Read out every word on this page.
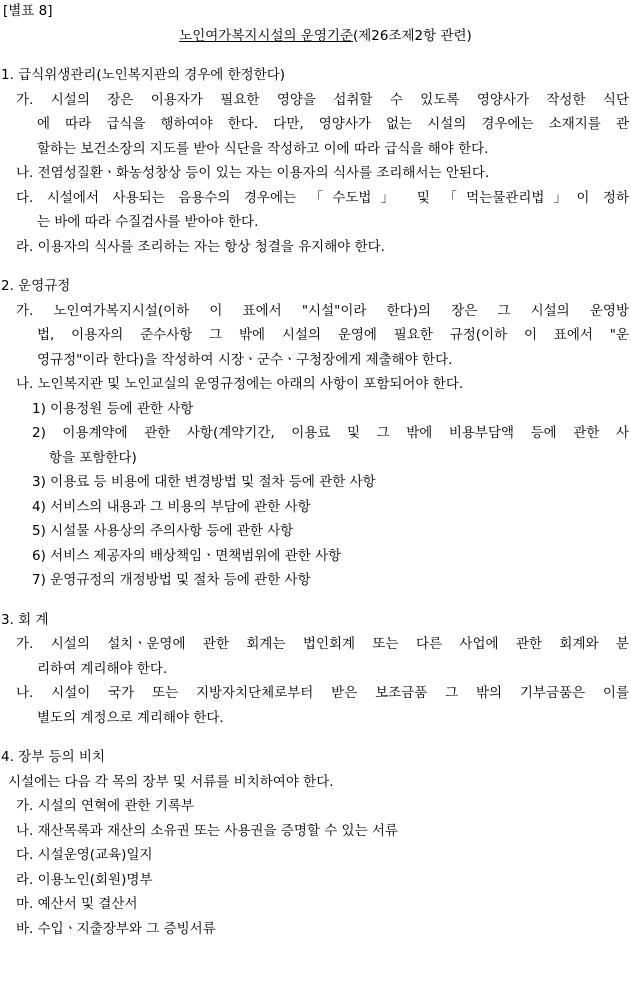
[별표 8]
노인여가복지시설의 운영기준(제26조제2항 관련)
1. 급식위생관리(노인복지관의 경우에 한정한다)
가. 시설의 장은 이용자가 필요한 영양을 섭취할 수 있도록 영양사가 작성한 식단
에 따라 급식을 행하여야 한다. 다만, 영양사가 없는 시설의 경우에는 소재지를 관
할하는 보건소장의 지도를 받아 식단을 작성하고 이에 따라 급식을 해야 한다.
나. 전염성질환ㆍ화농성창상 등이 있는 자는 이용자의 식사를 조리해서는 안된다.
다. 시설에서 사용되는 음용수의 경우에는 「수도법」 및 「먹는물관리법」이 정하
는 바에 따라 수질검사를 받아야 한다.
라. 이용자의 식사를 조리하는 자는 항상 청결을 유지해야 한다.
2. 운영규정
가. 노인여가복지시설(이하 이 표에서 "시설"이라 한다)의 장은 그 시설의 운영방
법, 이용자의 준수사항 그 밖에 시설의 운영에 필요한 규정(이하 이 표에서 "운
영규정"이라 한다)을 작성하여 시장ㆍ군수ㆍ구청장에게 제출해야 한다.
나. 노인복지관 및 노인교실의 운영규정에는 아래의 사항이 포함되어야 한다.
1) 이용정원 등에 관한 사항
2) 이용계약에 관한 사항(계약기간, 이용료 및 그 밖에 비용부담액 등에 관한 사
항을 포함한다)
3) 이용료 등 비용에 대한 변경방법 및 절차 등에 관한 사항
4) 서비스의 내용과 그 비용의 부담에 관한 사항
5) 시설물 사용상의 주의사항 등에 관한 사항
6) 서비스 제공자의 배상책임ㆍ면책범위에 관한 사항
7) 운영규정의 개정방법 및 절차 등에 관한 사항
3. 회 계
가. 시설의 설치ㆍ운영에 관한 회계는 법인회계 또는 다른 사업에 관한 회계와 분
리하여 계리해야 한다.
나. 시설이 국가 또는 지방자치단체로부터 받은 보조금품 그 밖의 기부금품은 이를
별도의 계정으로 계리해야 한다.
4. 장부 등의 비치
시설에는 다음 각 목의 장부 및 서류를 비치하여야 한다.
가. 시설의 연혁에 관한 기록부
나. 재산목록과 재산의 소유권 또는 사용권을 증명할 수 있는 서류
다. 시설운영(교육)일지
라. 이용노인(회원)명부
마. 예산서 및 결산서
바. 수입ㆍ지출장부와 그 증빙서류
